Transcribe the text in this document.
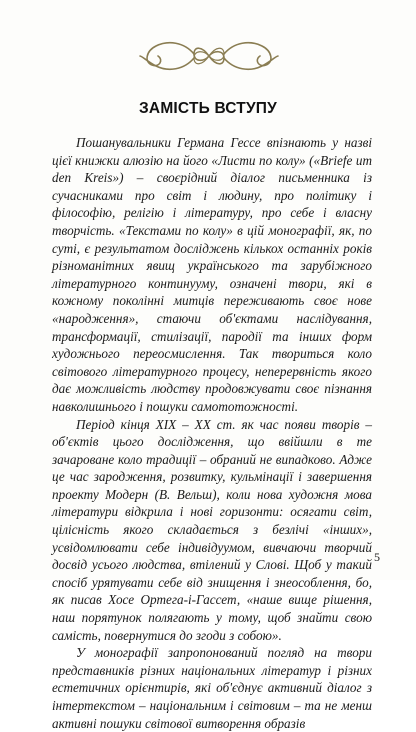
ЗАМІСТЬ ВСТУПУ

Пошанувальники Германа Гессе впізнають у назві цієї книжки алюзію на його «Листи по колу» («Briefe um den Kreis») – своєрідний діалог письменника із сучасниками про світ і людину, про політику і філософію, релігію і літературу, про себе і власну творчість. «Текстами по колу» в цій монографії, як, по суті, є результатом досліджень кількох останніх років різноманітних явищ українського та зарубіжного літературного континууму, означені твори, які в кожному поколінні митців переживають своє нове «народження», стаючи об'єктами наслідування, трансформації, стилізації, пародії та інших форм художнього переосмислення. Так твориться коло світового літературного процесу, неперервність якого дає можливість людству продовжувати своє пізнання навколишнього і пошуки самототожності.

Період кінця XIX – XX ст. як час появи творів – об'єктів цього дослідження, що ввійшли в те зачароване коло традиції – обраний не випадково. Адже це час зародження, розвитку, кульмінації і завершення проекту Модерн (В. Вельш), коли нова художня мова літератури відкрила і нові горизонти: осягати світ, цілісність якого складається з безлічі «інших», усвідомлювати себе індивідуумом, вивчаючи творчий досвід усього людства, втілений у Слові. Щоб у такий спосіб урятувати себе від знищення і знеособлення, бо, як писав Хосе Ортега-і-Гассет, «наше вище рішення, наш порятунок полягають у тому, щоб знайти свою самість, повернутися до згоди з собою».

У монографії запропонований погляд на твори представників різних національних літератур і різних естетичних орієнтирів, які об'єднує активний діалог з інтертекстом – національним і світовим – та не менш активні пошуки світової витворення образів

5
